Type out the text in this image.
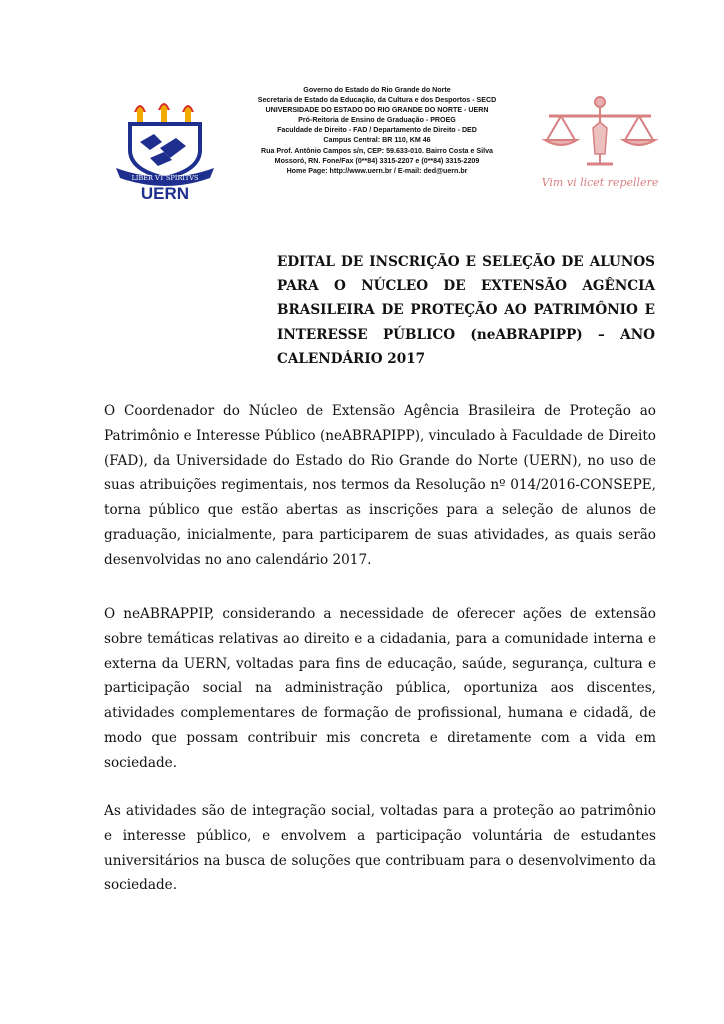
LIBER VT SPIRITVS
UERN
Governo do Estado do Rio Grande do Norte
Secretaria de Estado da Educação, da Cultura e dos Desportos - SECD
UNIVERSIDADE DO ESTADO DO RIO GRANDE DO NORTE - UERN
Pró-Reitoria de Ensino de Graduação - PROEG
Faculdade de Direito - FAD / Departamento de Direito - DED
Campus Central: BR 110, KM 46
Rua Prof. Antônio Campos s/n, CEP: 59.633-010. Bairro Costa e Silva
Mossoró, RN. Fone/Fax (0**84) 3315-2207 e (0**84) 3315-2209
Home Page: http://www.uern.br / E-mail: ded@uern.br
Vim vi licet repellere
EDITAL DE INSCRIÇÃO E SELEÇÃO DE ALUNOS PARA O NÚCLEO DE EXTENSÃO AGÊNCIA BRASILEIRA DE PROTEÇÃO AO PATRIMÔNIO E INTERESSE PÚBLICO (neABRAPIPP) – ANO CALENDÁRIO 2017
O Coordenador do Núcleo de Extensão Agência Brasileira de Proteção ao Patrimônio e Interesse Público (neABRAPIPP), vinculado à Faculdade de Direito (FAD), da Universidade do Estado do Rio Grande do Norte (UERN), no uso de suas atribuições regimentais, nos termos da Resolução nº 014/2016-CONSEPE, torna público que estão abertas as inscrições para a seleção de alunos de graduação, inicialmente, para participarem de suas atividades, as quais serão desenvolvidas no ano calendário 2017.
O neABRAPPIP, considerando a necessidade de oferecer ações de extensão sobre temáticas relativas ao direito e a cidadania, para a comunidade interna e externa da UERN, voltadas para fins de educação, saúde, segurança, cultura e participação social na administração pública, oportuniza aos discentes, atividades complementares de formação de profissional, humana e cidadã, de modo que possam contribuir mis concreta e diretamente com a vida em sociedade.
As atividades são de integração social, voltadas para a proteção ao patrimônio e interesse público, e envolvem a participação voluntária de estudantes universitários na busca de soluções que contribuam para o desenvolvimento da sociedade.
